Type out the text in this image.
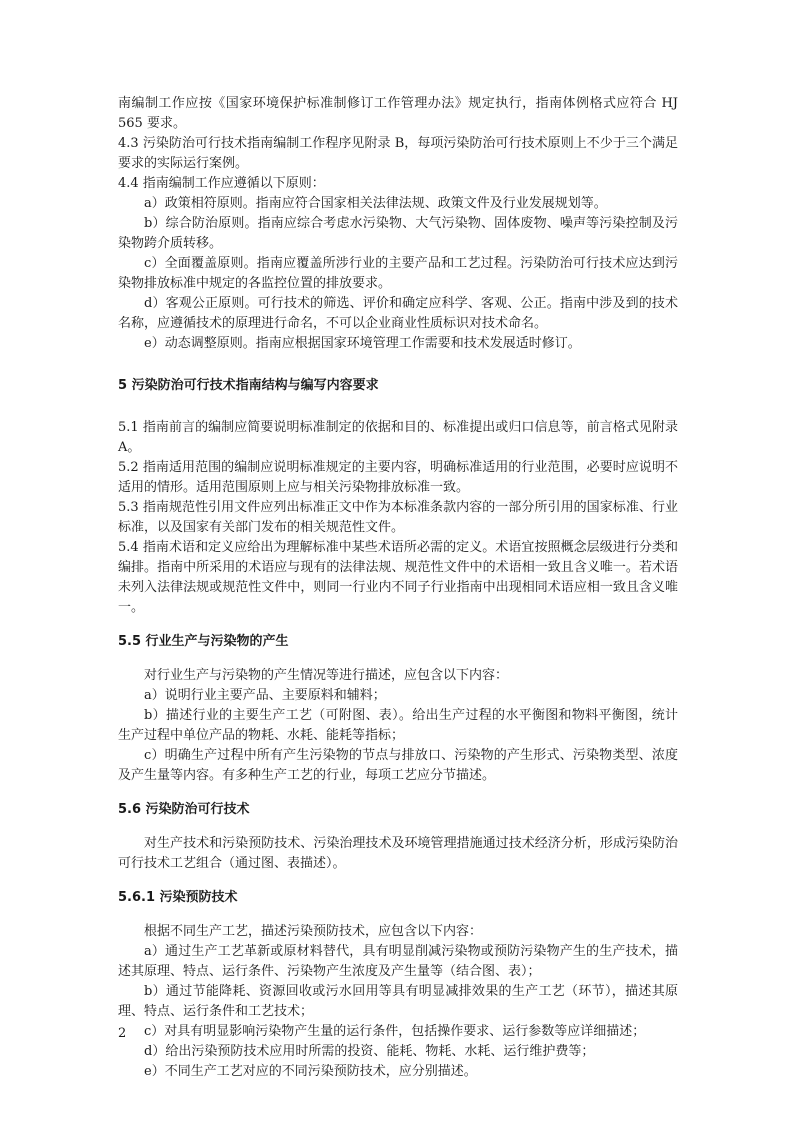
南编制工作应按《国家环境保护标准制修订工作管理办法》规定执行，指南体例格式应符合 HJ 565 要求。
4.3 污染防治可行技术指南编制工作程序见附录 B，每项污染防治可行技术原则上不少于三个满足要求的实际运行案例。
4.4 指南编制工作应遵循以下原则：
a）政策相符原则。指南应符合国家相关法律法规、政策文件及行业发展规划等。
b）综合防治原则。指南应综合考虑水污染物、大气污染物、固体废物、噪声等污染控制及污染物跨介质转移。
c）全面覆盖原则。指南应覆盖所涉行业的主要产品和工艺过程。污染防治可行技术应达到污染物排放标准中规定的各监控位置的排放要求。
d）客观公正原则。可行技术的筛选、评价和确定应科学、客观、公正。指南中涉及到的技术名称，应遵循技术的原理进行命名，不可以企业商业性质标识对技术命名。
e）动态调整原则。指南应根据国家环境管理工作需要和技术发展适时修订。
5 污染防治可行技术指南结构与编写内容要求
5.1 指南前言的编制应简要说明标准制定的依据和目的、标准提出或归口信息等，前言格式见附录 A。
5.2 指南适用范围的编制应说明标准规定的主要内容，明确标准适用的行业范围，必要时应说明不适用的情形。适用范围原则上应与相关污染物排放标准一致。
5.3 指南规范性引用文件应列出标准正文中作为本标准条款内容的一部分所引用的国家标准、行业标准，以及国家有关部门发布的相关规范性文件。
5.4 指南术语和定义应给出为理解标准中某些术语所必需的定义。术语宜按照概念层级进行分类和编排。指南中所采用的术语应与现有的法律法规、规范性文件中的术语相一致且含义唯一。若术语未列入法律法规或规范性文件中，则同一行业内不同子行业指南中出现相同术语应相一致且含义唯一。
5.5 行业生产与污染物的产生
对行业生产与污染物的产生情况等进行描述，应包含以下内容：
a）说明行业主要产品、主要原料和辅料；
b）描述行业的主要生产工艺（可附图、表）。给出生产过程的水平衡图和物料平衡图，统计生产过程中单位产品的物耗、水耗、能耗等指标；
c）明确生产过程中所有产生污染物的节点与排放口、污染物的产生形式、污染物类型、浓度及产生量等内容。有多种生产工艺的行业，每项工艺应分节描述。
5.6 污染防治可行技术
对生产技术和污染预防技术、污染治理技术及环境管理措施通过技术经济分析，形成污染防治可行技术工艺组合（通过图、表描述）。
5.6.1 污染预防技术
根据不同生产工艺，描述污染预防技术，应包含以下内容：
a）通过生产工艺革新或原材料替代，具有明显削减污染物或预防污染物产生的生产技术，描述其原理、特点、运行条件、污染物产生浓度及产生量等（结合图、表）；
b）通过节能降耗、资源回收或污水回用等具有明显减排效果的生产工艺（环节），描述其原理、特点、运行条件和工艺技术；
c）对具有明显影响污染物产生量的运行条件，包括操作要求、运行参数等应详细描述；
d）给出污染预防技术应用时所需的投资、能耗、物耗、水耗、运行维护费等；
e）不同生产工艺对应的不同污染预防技术，应分别描述。
2
